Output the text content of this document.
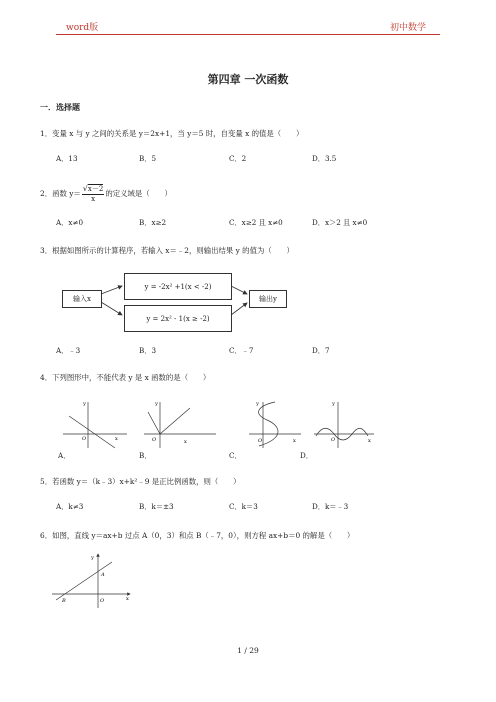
word版	初中数学
第四章 一次函数
一．选择题
1．变量 x 与 y 之间的关系是 y＝2x+1，当 y＝5 时，自变量 x 的值是（　　）
A．13	B．5	C．2	D．3.5
2．函数 $y= \frac{√x-2}{x}$ 的定义域是（　　）
A．x≠0	B．x≥2	C．x≥2 且 x≠0	D．x＞2 且 x≠0
3．根据如图所示的计算程序，若输入 x＝﹣2，则输出结果 y 的值为（　　）
输入x
y = -2x² +1(x < -2)
y = 2x² - 1(x ≥ -2)
输出y
A．﹣3	B．3	C．﹣7	D．7
4．下列图形中，不能代表 y 是 x 函数的是（　　）
y
x
O
y
x
O
y
x
O
y
x
O
A．	B．	C．	D．
5．若函数 y＝（k﹣3）x+k²﹣9 是正比例函数，则（　　）
A．k≠3	B．k＝±3	C．k＝3	D．k＝﹣3
6．如图，直线 y＝ax+b 过点 A（0，3）和点 B（﹣7，0），则方程 ax+b＝0 的解是（　　）
y
x
A
B	O
1 / 29
